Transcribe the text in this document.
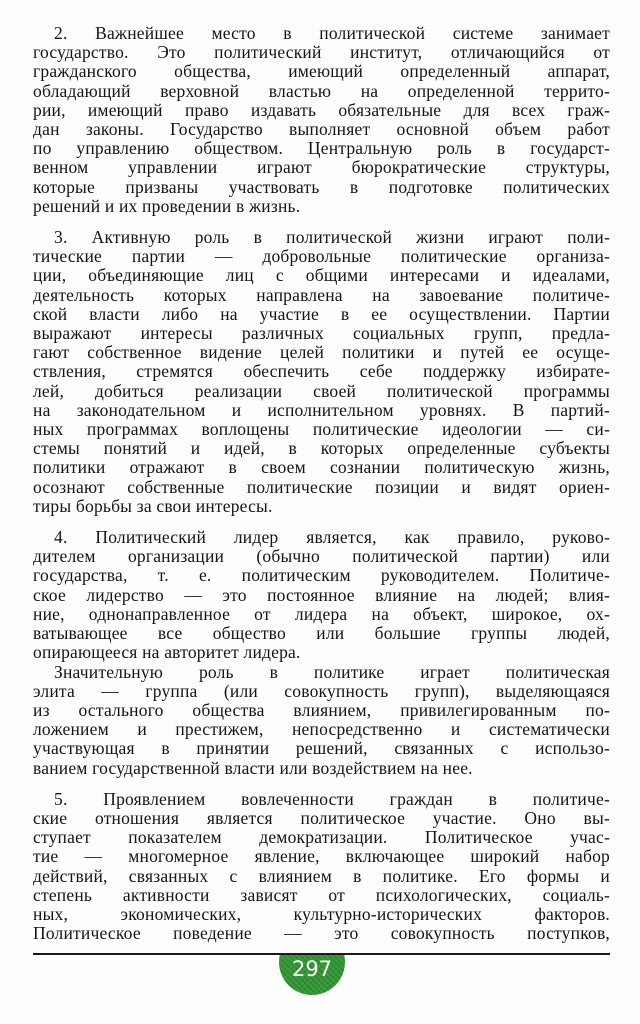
2. Важнейшее место в политической системе занимает
государство. Это политический институт, отличающийся от
гражданского общества, имеющий определенный аппарат,
обладающий верховной властью на определенной террито-
рии, имеющий право издавать обязательные для всех граж-
дан законы. Государство выполняет основной объем работ
по управлению обществом. Центральную роль в государст-
венном управлении играют бюрократические структуры,
которые призваны участвовать в подготовке политических
решений и их проведении в жизнь.
3. Активную роль в политической жизни играют поли-
тические партии — добровольные политические организа-
ции, объединяющие лиц с общими интересами и идеалами,
деятельность которых направлена на завоевание политиче-
ской власти либо на участие в ее осуществлении. Партии
выражают интересы различных социальных групп, предла-
гают собственное видение целей политики и путей ее осуще-
ствления, стремятся обеспечить себе поддержку избирате-
лей, добиться реализации своей политической программы
на законодательном и исполнительном уровнях. В партий-
ных программах воплощены политические идеологии — си-
стемы понятий и идей, в которых определенные субъекты
политики отражают в своем сознании политическую жизнь,
осознают собственные политические позиции и видят ориен-
тиры борьбы за свои интересы.
4. Политический лидер является, как правило, руково-
дителем организации (обычно политической партии) или
государства, т. е. политическим руководителем. Политиче-
ское лидерство — это постоянное влияние на людей; влия-
ние, однонаправленное от лидера на объект, широкое, ох-
ватывающее все общество или большие группы людей,
опирающееся на авторитет лидера.
Значительную роль в политике играет политическая
элита — группа (или совокупность групп), выделяющаяся
из остального общества влиянием, привилегированным по-
ложением и престижем, непосредственно и систематически
участвующая в принятии решений, связанных с использо-
ванием государственной власти или воздействием на нее.
5. Проявлением вовлеченности граждан в политиче-
ские отношения является политическое участие. Оно вы-
ступает показателем демократизации. Политическое учас-
тие — многомерное явление, включающее широкий набор
действий, связанных с влиянием в политике. Его формы и
степень активности зависят от психологических, социаль-
ных, экономических, культурно-исторических факторов.
Политическое поведение — это совокупность поступков,
297
